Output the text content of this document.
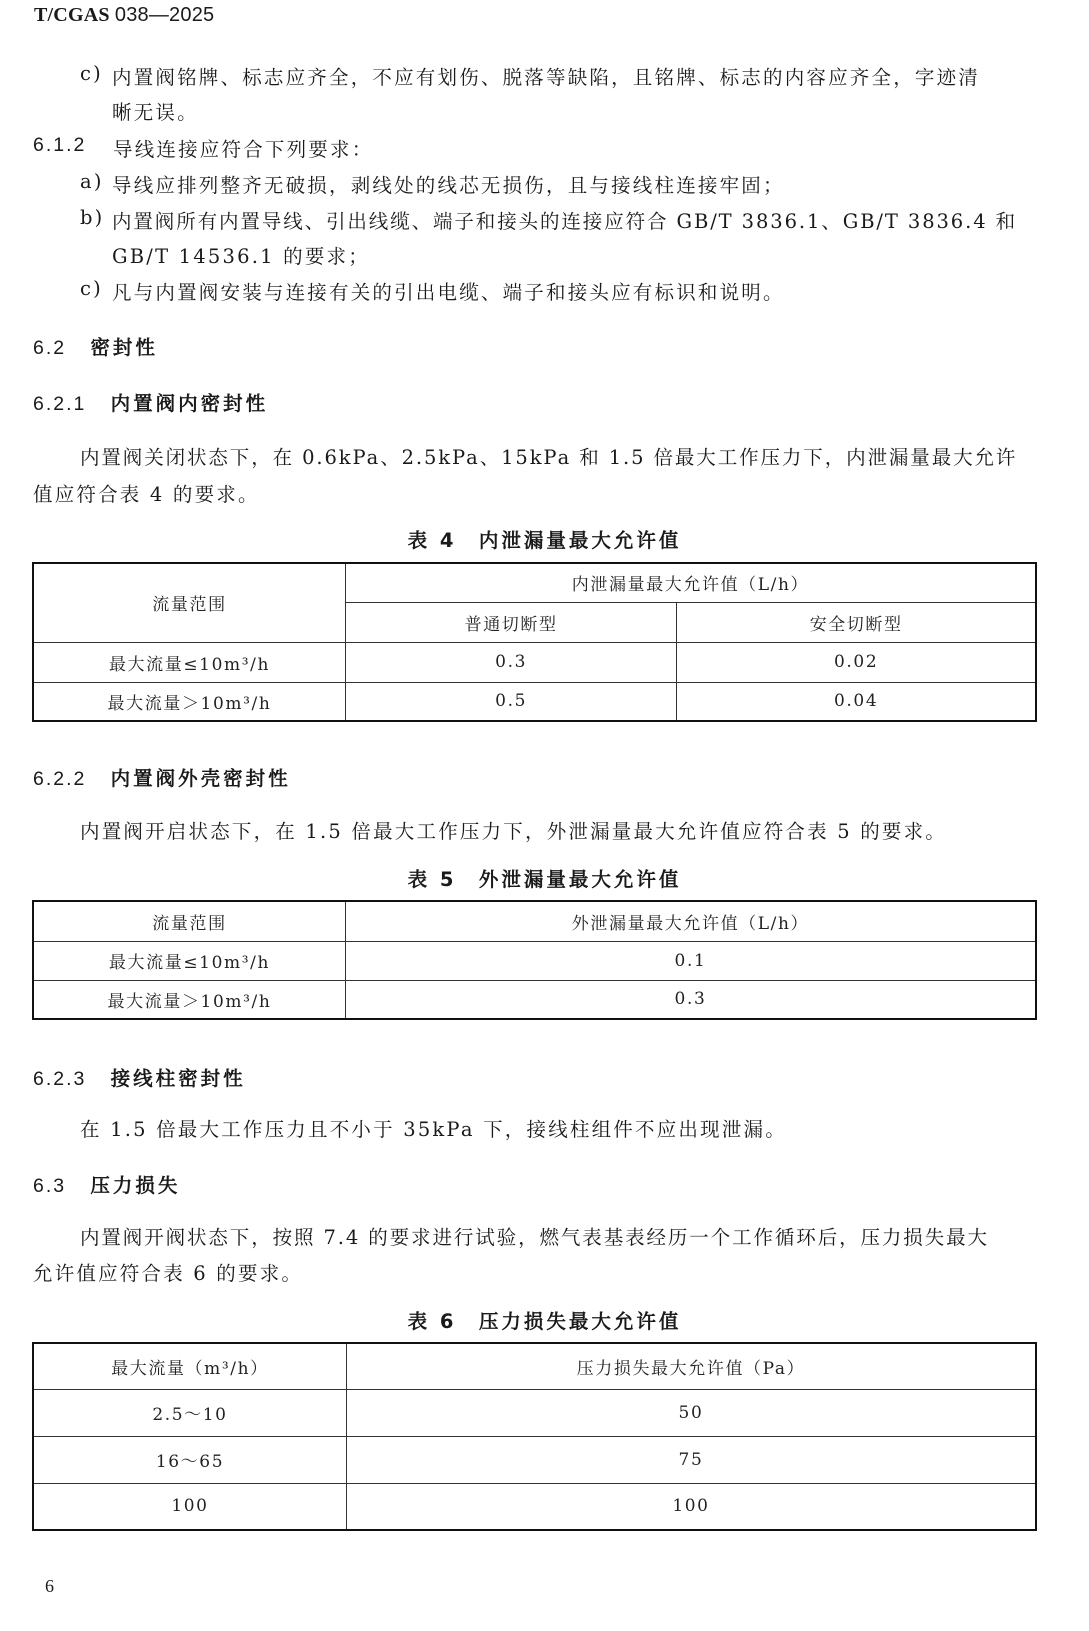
T/CGAS 038—2025
c) 内置阀铭牌、标志应齐全，不应有划伤、脱落等缺陷，且铭牌、标志的内容应齐全，字迹清
晰无误。
6.1.2 导线连接应符合下列要求：
a) 导线应排列整齐无破损，剥线处的线芯无损伤，且与接线柱连接牢固；
b) 内置阀所有内置导线、引出线缆、端子和接头的连接应符合 GB/T 3836.1、GB/T 3836.4 和
GB/T 14536.1 的要求；
c) 凡与内置阀安装与连接有关的引出电缆、端子和接头应有标识和说明。
6.2 密封性
6.2.1 内置阀内密封性
内置阀关闭状态下，在 0.6kPa、2.5kPa、15kPa 和 1.5 倍最大工作压力下，内泄漏量最大允许
值应符合表 4 的要求。
表 4　内泄漏量最大允许值
流量范围	内泄漏量最大允许值（L/h）	
	普通切断型	安全切断型
最大流量≤10m³/h	0.3	0.02
最大流量＞10m³/h	0.5	0.04
6.2.2 内置阀外壳密封性
内置阀开启状态下，在 1.5 倍最大工作压力下，外泄漏量最大允许值应符合表 5 的要求。
表 5　外泄漏量最大允许值
流量范围	外泄漏量最大允许值（L/h）
最大流量≤10m³/h	0.1
最大流量＞10m³/h	0.3
6.2.3 接线柱密封性
在 1.5 倍最大工作压力且不小于 35kPa 下，接线柱组件不应出现泄漏。
6.3 压力损失
内置阀开阀状态下，按照 7.4 的要求进行试验，燃气表基表经历一个工作循环后，压力损失最大
允许值应符合表 6 的要求。
表 6　压力损失最大允许值
最大流量（m³/h）	压力损失最大允许值（Pa）
2.5～10	50
16～65	75
100	100
6
